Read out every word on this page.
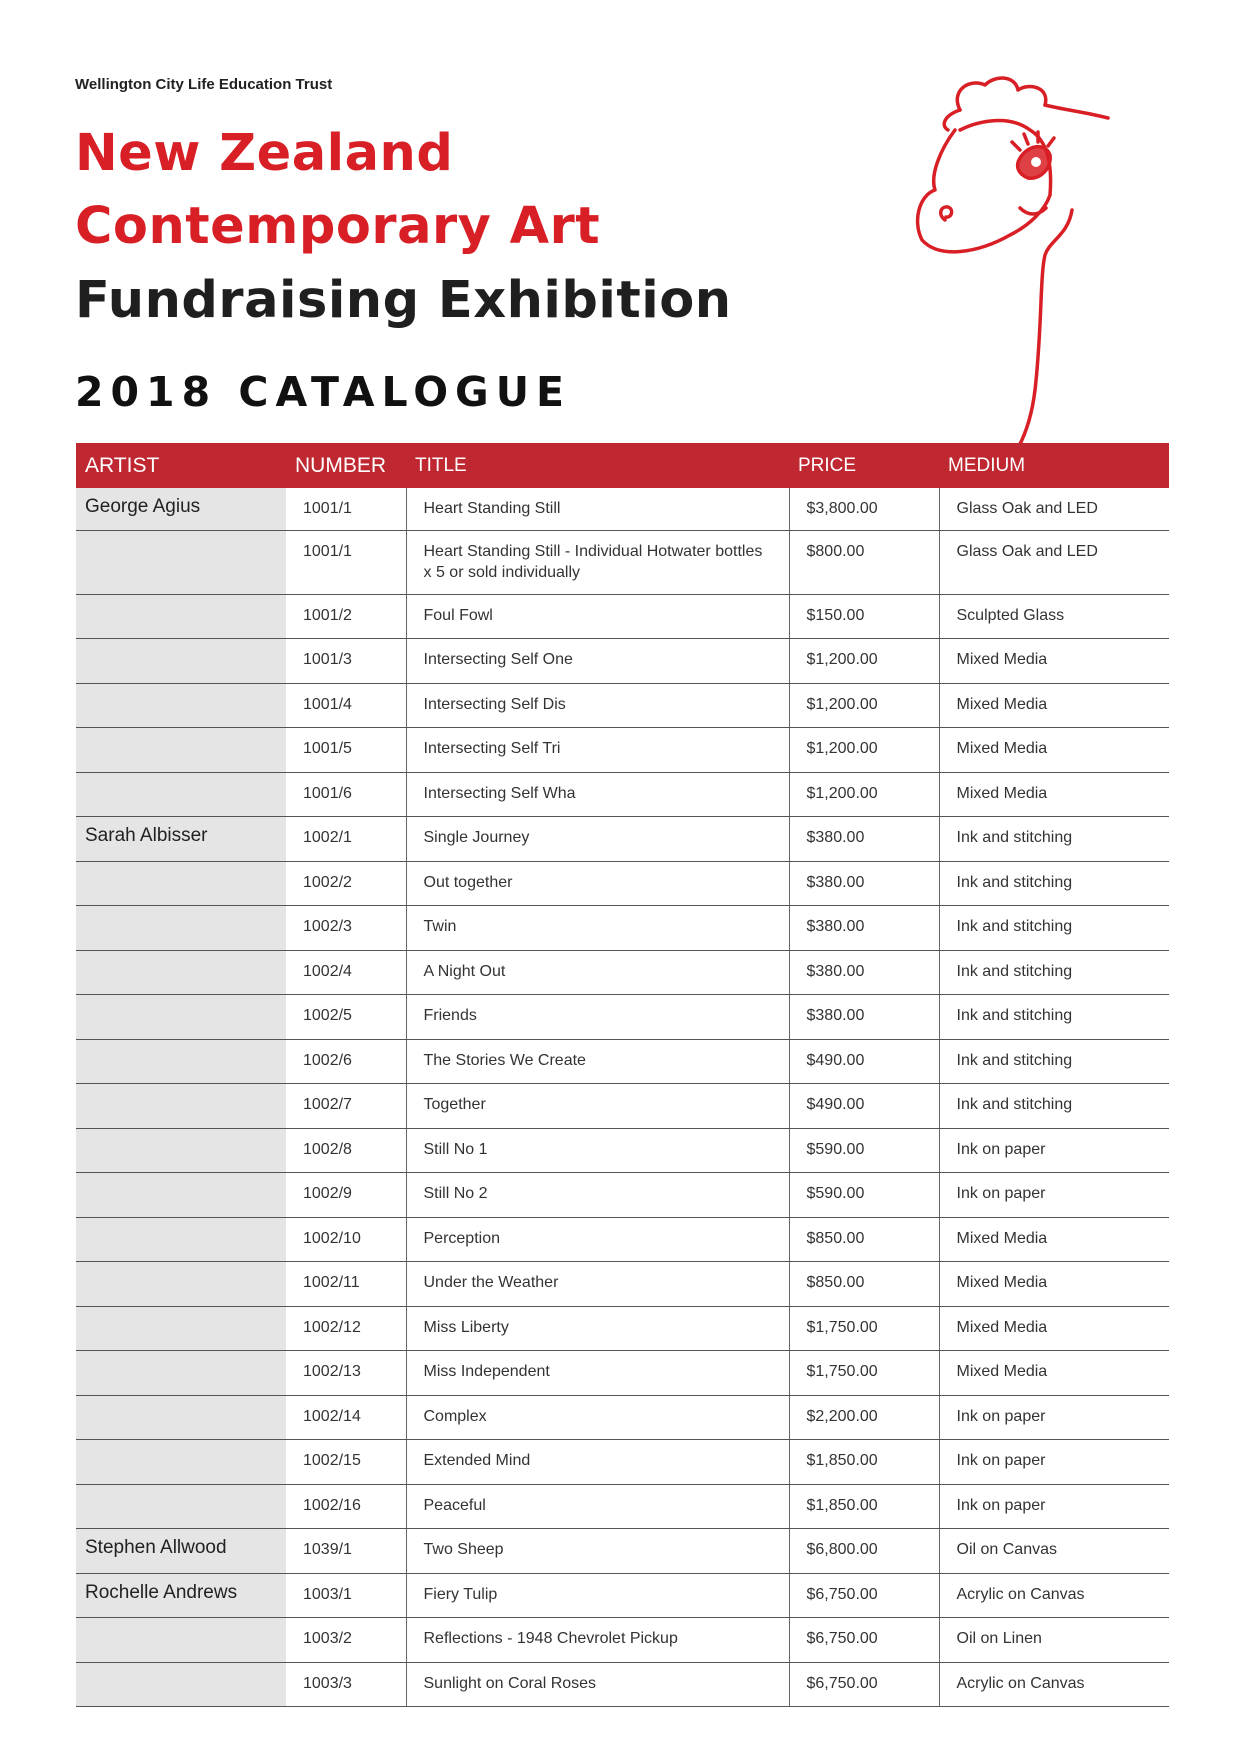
Wellington City Life Education Trust
New Zealand
Contemporary Art
Fundraising Exhibition
2018 CATALOGUE
ARTIST	NUMBER	TITLE	PRICE	MEDIUM
George Agius	1001/1	Heart Standing Still	$3,800.00	Glass Oak and LED
	1001/1	Heart Standing Still - Individual Hotwater bottles x 5 or sold individually	$800.00	Glass Oak and LED
	1001/2	Foul Fowl	$150.00	Sculpted Glass
	1001/3	Intersecting Self One	$1,200.00	Mixed Media
	1001/4	Intersecting Self Dis	$1,200.00	Mixed Media
	1001/5	Intersecting Self Tri	$1,200.00	Mixed Media
	1001/6	Intersecting Self Wha	$1,200.00	Mixed Media
Sarah Albisser	1002/1	Single Journey	$380.00	Ink and stitching
	1002/2	Out together	$380.00	Ink and stitching
	1002/3	Twin	$380.00	Ink and stitching
	1002/4	A Night Out	$380.00	Ink and stitching
	1002/5	Friends	$380.00	Ink and stitching
	1002/6	The Stories We Create	$490.00	Ink and stitching
	1002/7	Together	$490.00	Ink and stitching
	1002/8	Still No 1	$590.00	Ink on paper
	1002/9	Still No 2	$590.00	Ink on paper
	1002/10	Perception	$850.00	Mixed Media
	1002/11	Under the Weather	$850.00	Mixed Media
	1002/12	Miss Liberty	$1,750.00	Mixed Media
	1002/13	Miss Independent	$1,750.00	Mixed Media
	1002/14	Complex	$2,200.00	Ink on paper
	1002/15	Extended Mind	$1,850.00	Ink on paper
	1002/16	Peaceful	$1,850.00	Ink on paper
Stephen Allwood	1039/1	Two Sheep	$6,800.00	Oil on Canvas
Rochelle Andrews	1003/1	Fiery Tulip	$6,750.00	Acrylic on Canvas
	1003/2	Reflections - 1948 Chevrolet Pickup	$6,750.00	Oil on Linen
	1003/3	Sunlight on Coral Roses	$6,750.00	Acrylic on Canvas
